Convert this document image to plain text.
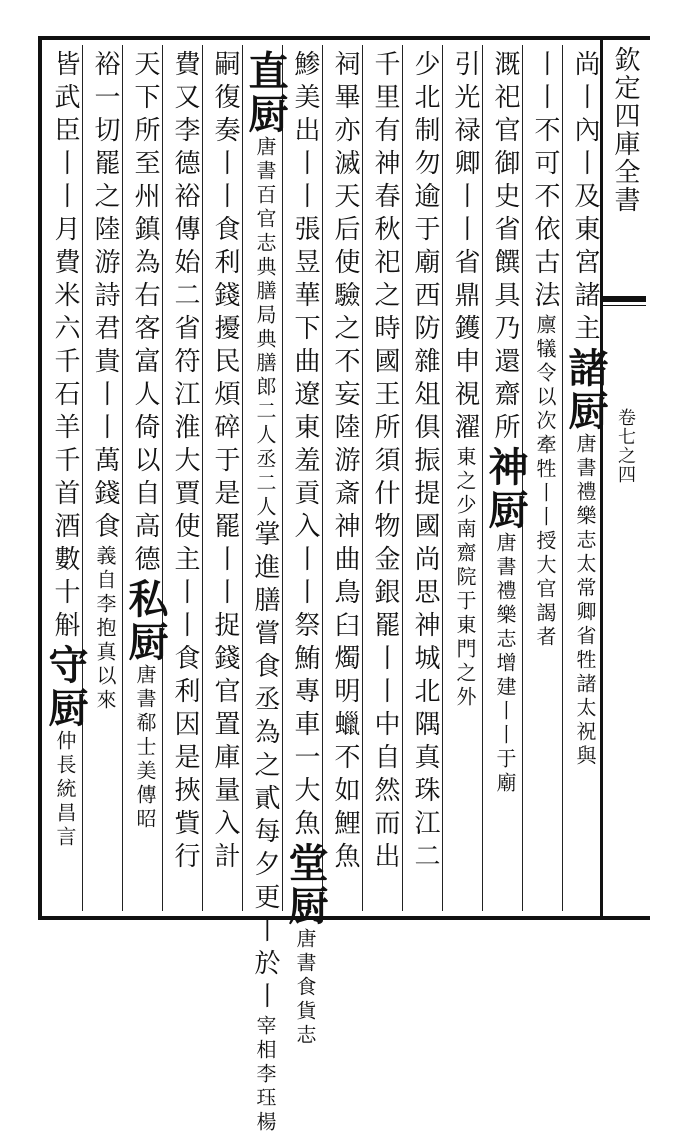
欽定四庫全書
卷七之四
尚丨內丨及東宮諸主諸厨唐書禮樂志太常卿省牲諸太祝與
丨丨不可不依古法廪犠令以次牽牲丨丨授大官謁者
溉祀官御史省饌具乃還齋所神厨唐書禮樂志增建丨丨于廟
引光禄卿丨丨省鼎鑊申視濯東之少南齋院于東門之外
少北制勿逾于廟西防雜俎俱振提國尚思神城北隅真珠江二
千里有神春秋祀之時國王所須什物金銀罷丨丨中自然而出
祠畢亦滅天后使驗之不妄陸游斎神曲鳥臼燭明蠟不如鯉魚
鯵美出丨丨張昱華下曲遼東羞貢入丨丨祭鮪專車一大魚堂厨唐書食貨志
直厨唐書百官志典膳局典膳郎二人丞二人掌進膳嘗食丞為之貳每夕更丨於丨宰相李珏楊
嗣復奏丨丨食利錢擾民煩碎于是罷丨丨捉錢官置庫量入計
費又李德裕傳始二省符江淮大賈使主丨丨食利因是挾貲行
天下所至州鎮為右客富人倚以自高德私厨唐書郗士美傳昭
裕一切罷之陸游詩君貴丨丨萬錢食義自李抱真以來
皆武臣丨丨月費米六千石羊千首酒數十斛守厨仲長統昌言
